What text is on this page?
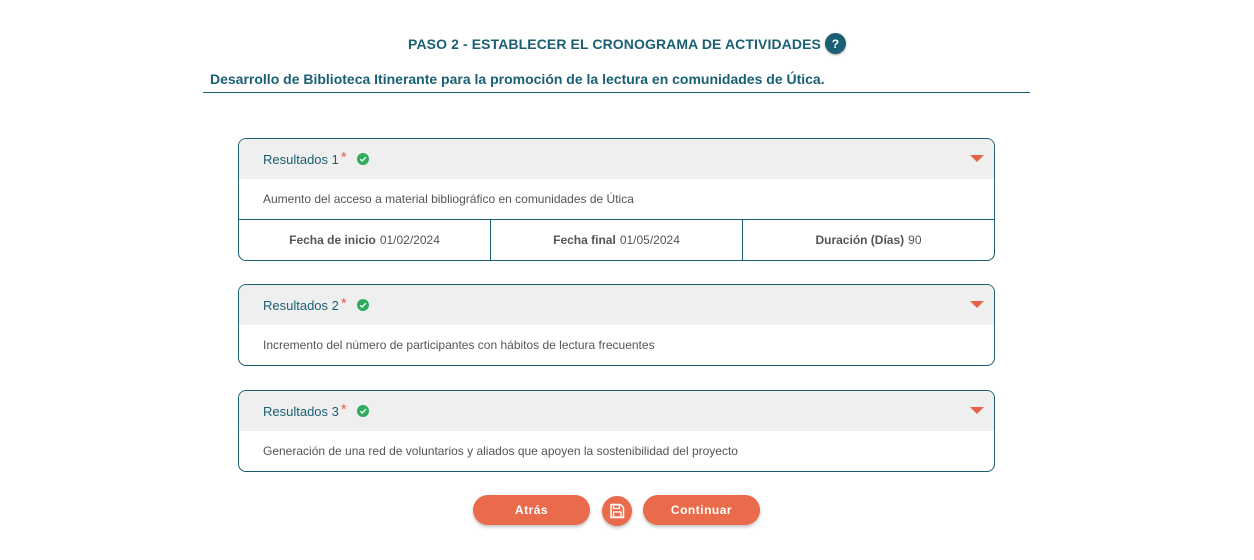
PASO 2 - ESTABLECER EL CRONOGRAMA DE ACTIVIDADES ?
Desarrollo de Biblioteca Itinerante para la promoción de la lectura en comunidades de Útica.
Resultados 1 *
Aumento del acceso a material bibliográfico en comunidades de Útica
Fecha de inicio 01/02/2024	Fecha final 01/05/2024	Duración (Días) 90
Resultados 2 *
Incremento del número de participantes con hábitos de lectura frecuentes
Resultados 3 *
Generación de una red de voluntarios y aliados que apoyen la sostenibilidad del proyecto
Atrás	Continuar
